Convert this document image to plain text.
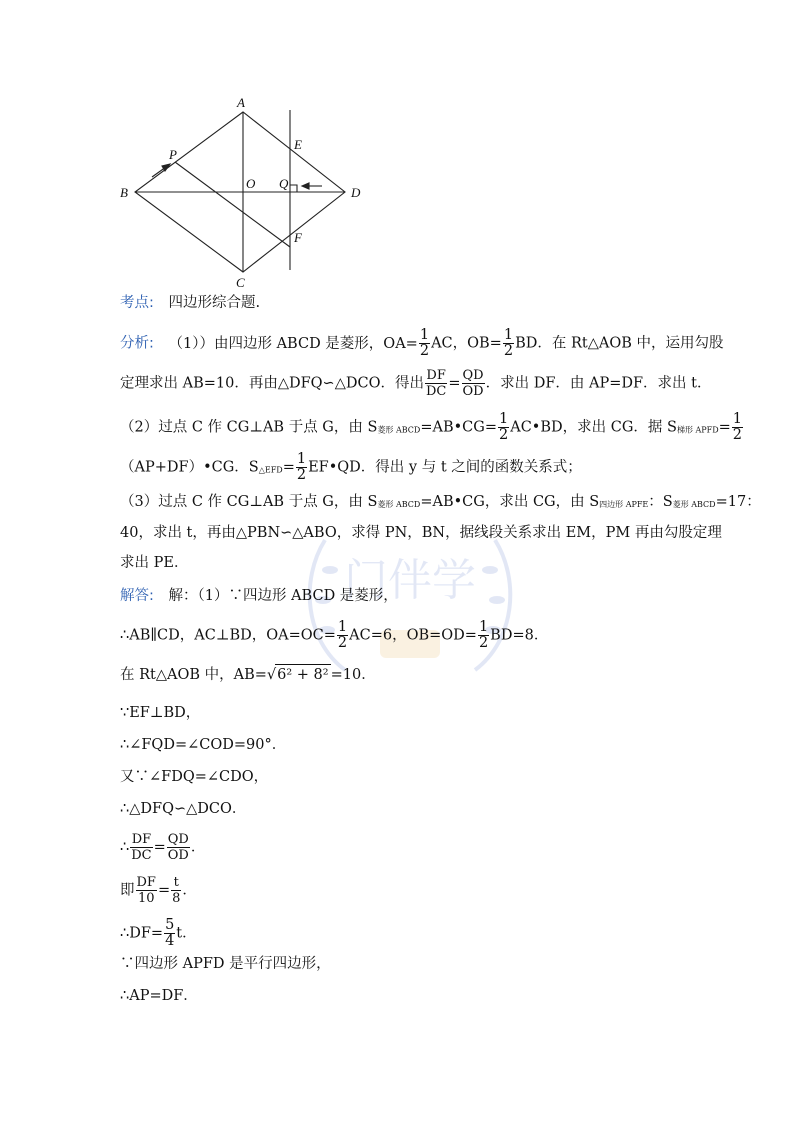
门伴学
A
B
C
D
E
F
O
P
Q
考点: 四边形综合题.
分析: （1））由四边形 ABCD 是菱形，$OA= \frac{1}{2}$ AC，$OB= \frac{1}{2}$ BD．在 Rt△AOB 中，运用勾股
定理求出 AB=10．再由△DFQ∽△DCO．得出 $\frac{DF}{DC} = \frac{QD}{OD}$ ．求出 DF．由 AP=DF．求出 t．
（2）过点 C 作 CG⊥AB 于点 G，由 S菱形 ABCD=AB•CG= $\frac{1}{2}$ AC•BD，求出 CG．据 S梯形 APFD= $\frac{1}{2}$
（AP+DF）•CG．S△EFD= $\frac{1}{2}$ EF•QD．得出 y 与 t 之间的函数关系式；
（3）过点 C 作 CG⊥AB 于点 G，由 S菱形 ABCD=AB•CG，求出 CG，由 S四边形 APFE：S菱形 ABCD=17：
40，求出 t，再由△PBN∽△ABO，求得 PN，BN，据线段关系求出 EM，PM 再由勾股定理
求出 PE．
解答: 解：（1）∵四边形 ABCD 是菱形，
∴AB∥CD，AC⊥BD，$OA=OC= \frac{1}{2} AC=6$，$OB=OD= \frac{1}{2} BD=8$．
在 Rt△AOB 中，AB=√6² + 8² =10．
∵EF⊥BD，
∴∠FQD=∠COD=90°．
又∵∠FDQ=∠CDO，
∴△DFQ∽△DCO．
∴ $\frac{DF}{DC} = \frac{QD}{OD}$ ．
即 $\frac{DF}{10} = \frac{t}{8}$ ．
∴DF= $\frac{5}{4}$ t．
∵四边形 APFD 是平行四边形，
∴AP=DF．
